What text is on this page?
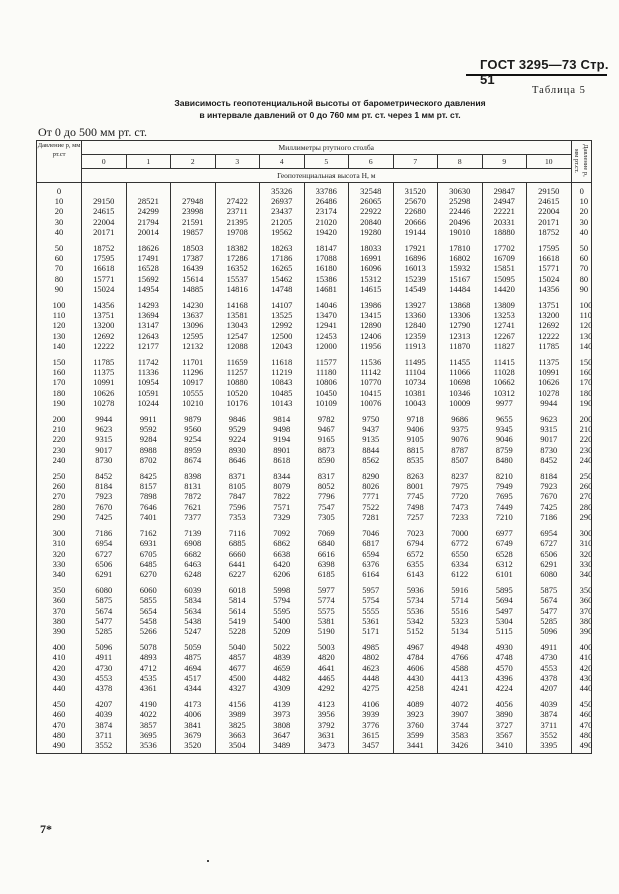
ГОСТ 3295—73 Стр. 51
Таблица 5
Зависимость геопотенциальной высоты от барометрического давления
в интервале давлений от 0 до 760 мм рт. ст. через 1 мм рт. ст.
От 0 до 500 мм рт. ст.
Давление p, мм рт.ст	Миллиметры ртутного столба											Давление p, мм рт.ст.
	0	1	2	3	4	5	6	7	8	9	10	
	Геопотенциальная высота H, м											
0					35326	33786	32548	31520	30630	29847	29150	0
10	29150	28521	27948	27422	26937	26486	26065	25670	25298	24947	24615	10
20	24615	24299	23998	23711	23437	23174	22922	22680	22446	22221	22004	20
30	22004	21794	21591	21395	21205	21020	20840	20666	20496	20331	20171	30
40	20171	20014	19857	19708	19562	19420	19280	19144	19010	18880	18752	40
50	18752	18626	18503	18382	18263	18147	18033	17921	17810	17702	17595	50
60	17595	17491	17387	17286	17186	17088	16991	16896	16802	16709	16618	60
70	16618	16528	16439	16352	16265	16180	16096	16013	15932	15851	15771	70
80	15771	15692	15614	15537	15462	15386	15312	15239	15167	15095	15024	80
90	15024	14954	14885	14816	14748	14681	14615	14549	14484	14420	14356	90
100	14356	14293	14230	14168	14107	14046	13986	13927	13868	13809	13751	100
110	13751	13694	13637	13581	13525	13470	13415	13360	13306	13253	13200	110
120	13200	13147	13096	13043	12992	12941	12890	12840	12790	12741	12692	120
130	12692	12643	12595	12547	12500	12453	12406	12359	12313	12267	12222	130
140	12222	12177	12132	12088	12043	12000	11956	11913	11870	11827	11785	140
150	11785	11742	11701	11659	11618	11577	11536	11495	11455	11415	11375	150
160	11375	11336	11296	11257	11219	11180	11142	11104	11066	11028	10991	160
170	10991	10954	10917	10880	10843	10806	10770	10734	10698	10662	10626	170
180	10626	10591	10555	10520	10485	10450	10415	10381	10346	10312	10278	180
190	10278	10244	10210	10176	10143	10109	10076	10043	10009	9977	9944	190
200	9944	9911	9879	9846	9814	9782	9750	9718	9686	9655	9623	200
210	9623	9592	9560	9529	9498	9467	9437	9406	9375	9345	9315	210
220	9315	9284	9254	9224	9194	9165	9135	9105	9076	9046	9017	220
230	9017	8988	8959	8930	8901	8873	8844	8815	8787	8759	8730	230
240	8730	8702	8674	8646	8618	8590	8562	8535	8507	8480	8452	240
250	8452	8425	8398	8371	8344	8317	8290	8263	8237	8210	8184	250
260	8184	8157	8131	8105	8079	8052	8026	8001	7975	7949	7923	260
270	7923	7898	7872	7847	7822	7796	7771	7745	7720	7695	7670	270
280	7670	7646	7621	7596	7571	7547	7522	7498	7473	7449	7425	280
290	7425	7401	7377	7353	7329	7305	7281	7257	7233	7210	7186	290
300	7186	7162	7139	7116	7092	7069	7046	7023	7000	6977	6954	300
310	6954	6931	6908	6885	6862	6840	6817	6794	6772	6749	6727	310
320	6727	6705	6682	6660	6638	6616	6594	6572	6550	6528	6506	320
330	6506	6485	6463	6441	6420	6398	6376	6355	6334	6312	6291	330
340	6291	6270	6248	6227	6206	6185	6164	6143	6122	6101	6080	340
350	6080	6060	6039	6018	5998	5977	5957	5936	5916	5895	5875	350
360	5875	5855	5834	5814	5794	5774	5754	5734	5714	5694	5674	360
370	5674	5654	5634	5614	5595	5575	5555	5536	5516	5497	5477	370
380	5477	5458	5438	5419	5400	5381	5361	5342	5323	5304	5285	380
390	5285	5266	5247	5228	5209	5190	5171	5152	5134	5115	5096	390
400	5096	5078	5059	5040	5022	5003	4985	4967	4948	4930	4911	400
410	4911	4893	4875	4857	4839	4820	4802	4784	4766	4748	4730	410
420	4730	4712	4694	4677	4659	4641	4623	4606	4588	4570	4553	420
430	4553	4535	4517	4500	4482	4465	4448	4430	4413	4396	4378	430
440	4378	4361	4344	4327	4309	4292	4275	4258	4241	4224	4207	440
450	4207	4190	4173	4156	4139	4123	4106	4089	4072	4056	4039	450
460	4039	4022	4006	3989	3973	3956	3939	3923	3907	3890	3874	460
470	3874	3857	3841	3825	3808	3792	3776	3760	3744	3727	3711	470
480	3711	3695	3679	3663	3647	3631	3615	3599	3583	3567	3552	480
490	3552	3536	3520	3504	3489	3473	3457	3441	3426	3410	3395	490
7*
